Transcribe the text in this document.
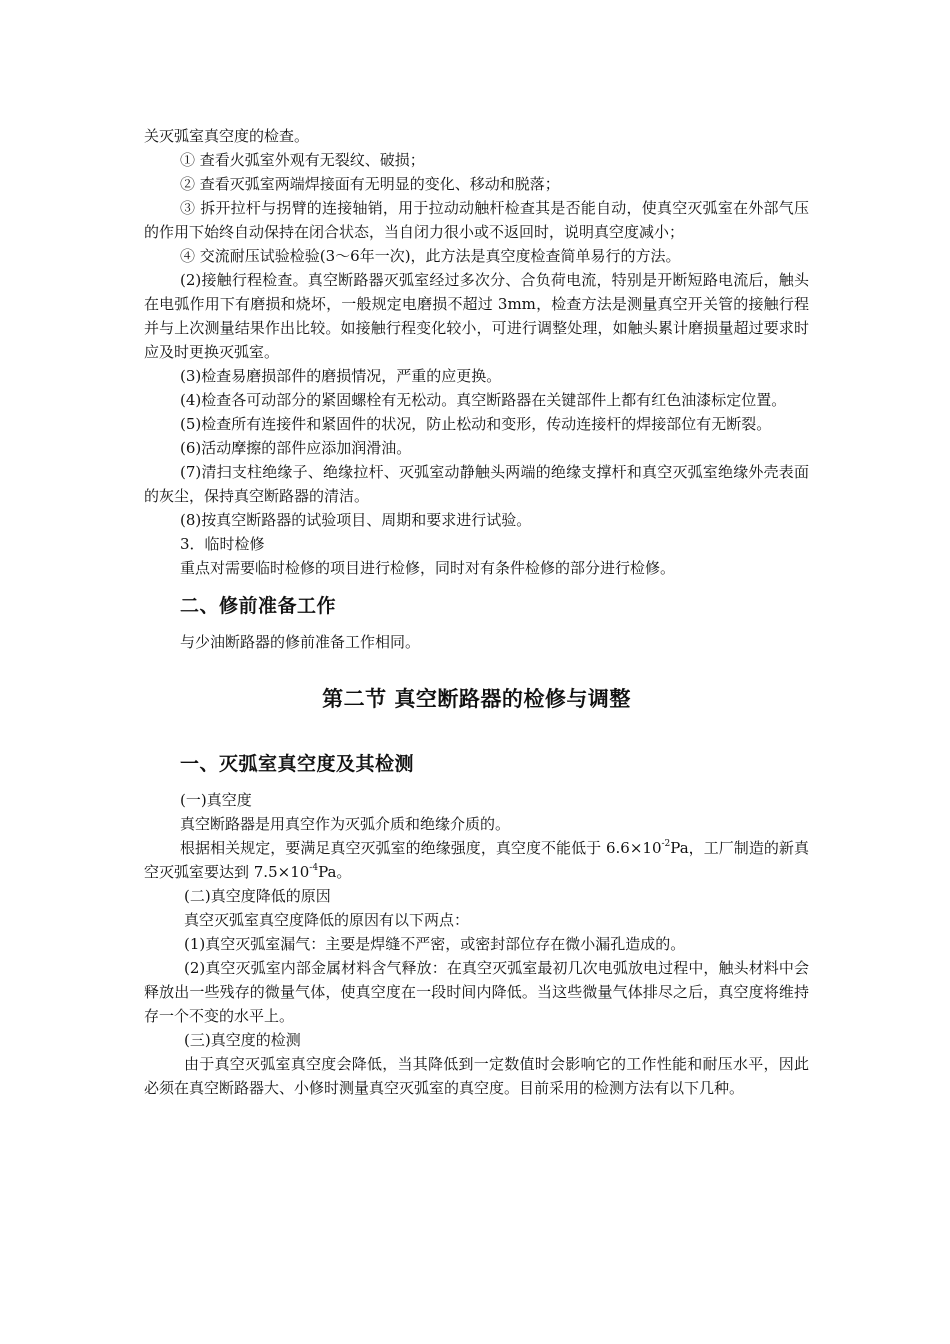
关灭弧室真空度的检查。

① 查看火弧室外观有无裂纹、破损；

② 查看灭弧室两端焊接面有无明显的变化、移动和脱落；

③ 拆开拉杆与拐臂的连接轴销，用于拉动动触杆检查其是否能自动，使真空灭弧室在外部气压的作用下始终自动保持在闭合状态，当自闭力很小或不返回时，说明真空度减小；

④ 交流耐压试验检验(3～6年一次)，此方法是真空度检查简单易行的方法。

(2)接触行程检查。真空断路器灭弧室经过多次分、合负荷电流，特别是开断短路电流后，触头在电弧作用下有磨损和烧坏，一般规定电磨损不超过 3mm，检查方法是测量真空开关管的接触行程并与上次测量结果作出比较。如接触行程变化较小，可进行调整处理，如触头累计磨损量超过要求时应及时更换灭弧室。

(3)检查易磨损部件的磨损情况，严重的应更换。

(4)检查各可动部分的紧固螺栓有无松动。真空断路器在关键部件上都有红色油漆标定位置。

(5)检查所有连接件和紧固件的状况，防止松动和变形，传动连接杆的焊接部位有无断裂。

(6)活动摩擦的部件应添加润滑油。

(7)清扫支柱绝缘子、绝缘拉杆、灭弧室动静触头两端的绝缘支撑杆和真空灭弧室绝缘外壳表面的灰尘，保持真空断路器的清洁。

(8)按真空断路器的试验项目、周期和要求进行试验。

3．临时检修

重点对需要临时检修的项目进行检修，同时对有条件检修的部分进行检修。

二、修前准备工作

与少油断路器的修前准备工作相同。

第二节 真空断路器的检修与调整
一、灭弧室真空度及其检测

(一)真空度

真空断路器是用真空作为灭弧介质和绝缘介质的。

根据相关规定，要满足真空灭弧室的绝缘强度，真空度不能低于 $6.6\times 10^{-2}Pa$，工厂制造的新真空灭弧室要达到 $7.5\times 10^{-4}Pa$。

(二)真空度降低的原因

真空灭弧室真空度降低的原因有以下两点：

(1)真空灭弧室漏气：主要是焊缝不严密，或密封部位存在微小漏孔造成的。

(2)真空灭弧室内部金属材料含气释放：在真空灭弧室最初几次电弧放电过程中，触头材料中会释放出一些残存的微量气体，使真空度在一段时间内降低。当这些微量气体排尽之后，真空度将维持存一个不变的水平上。

(三)真空度的检测

由于真空灭弧室真空度会降低，当其降低到一定数值时会影响它的工作性能和耐压水平，因此必须在真空断路器大、小修时测量真空灭弧室的真空度。目前采用的检测方法有以下几种。
